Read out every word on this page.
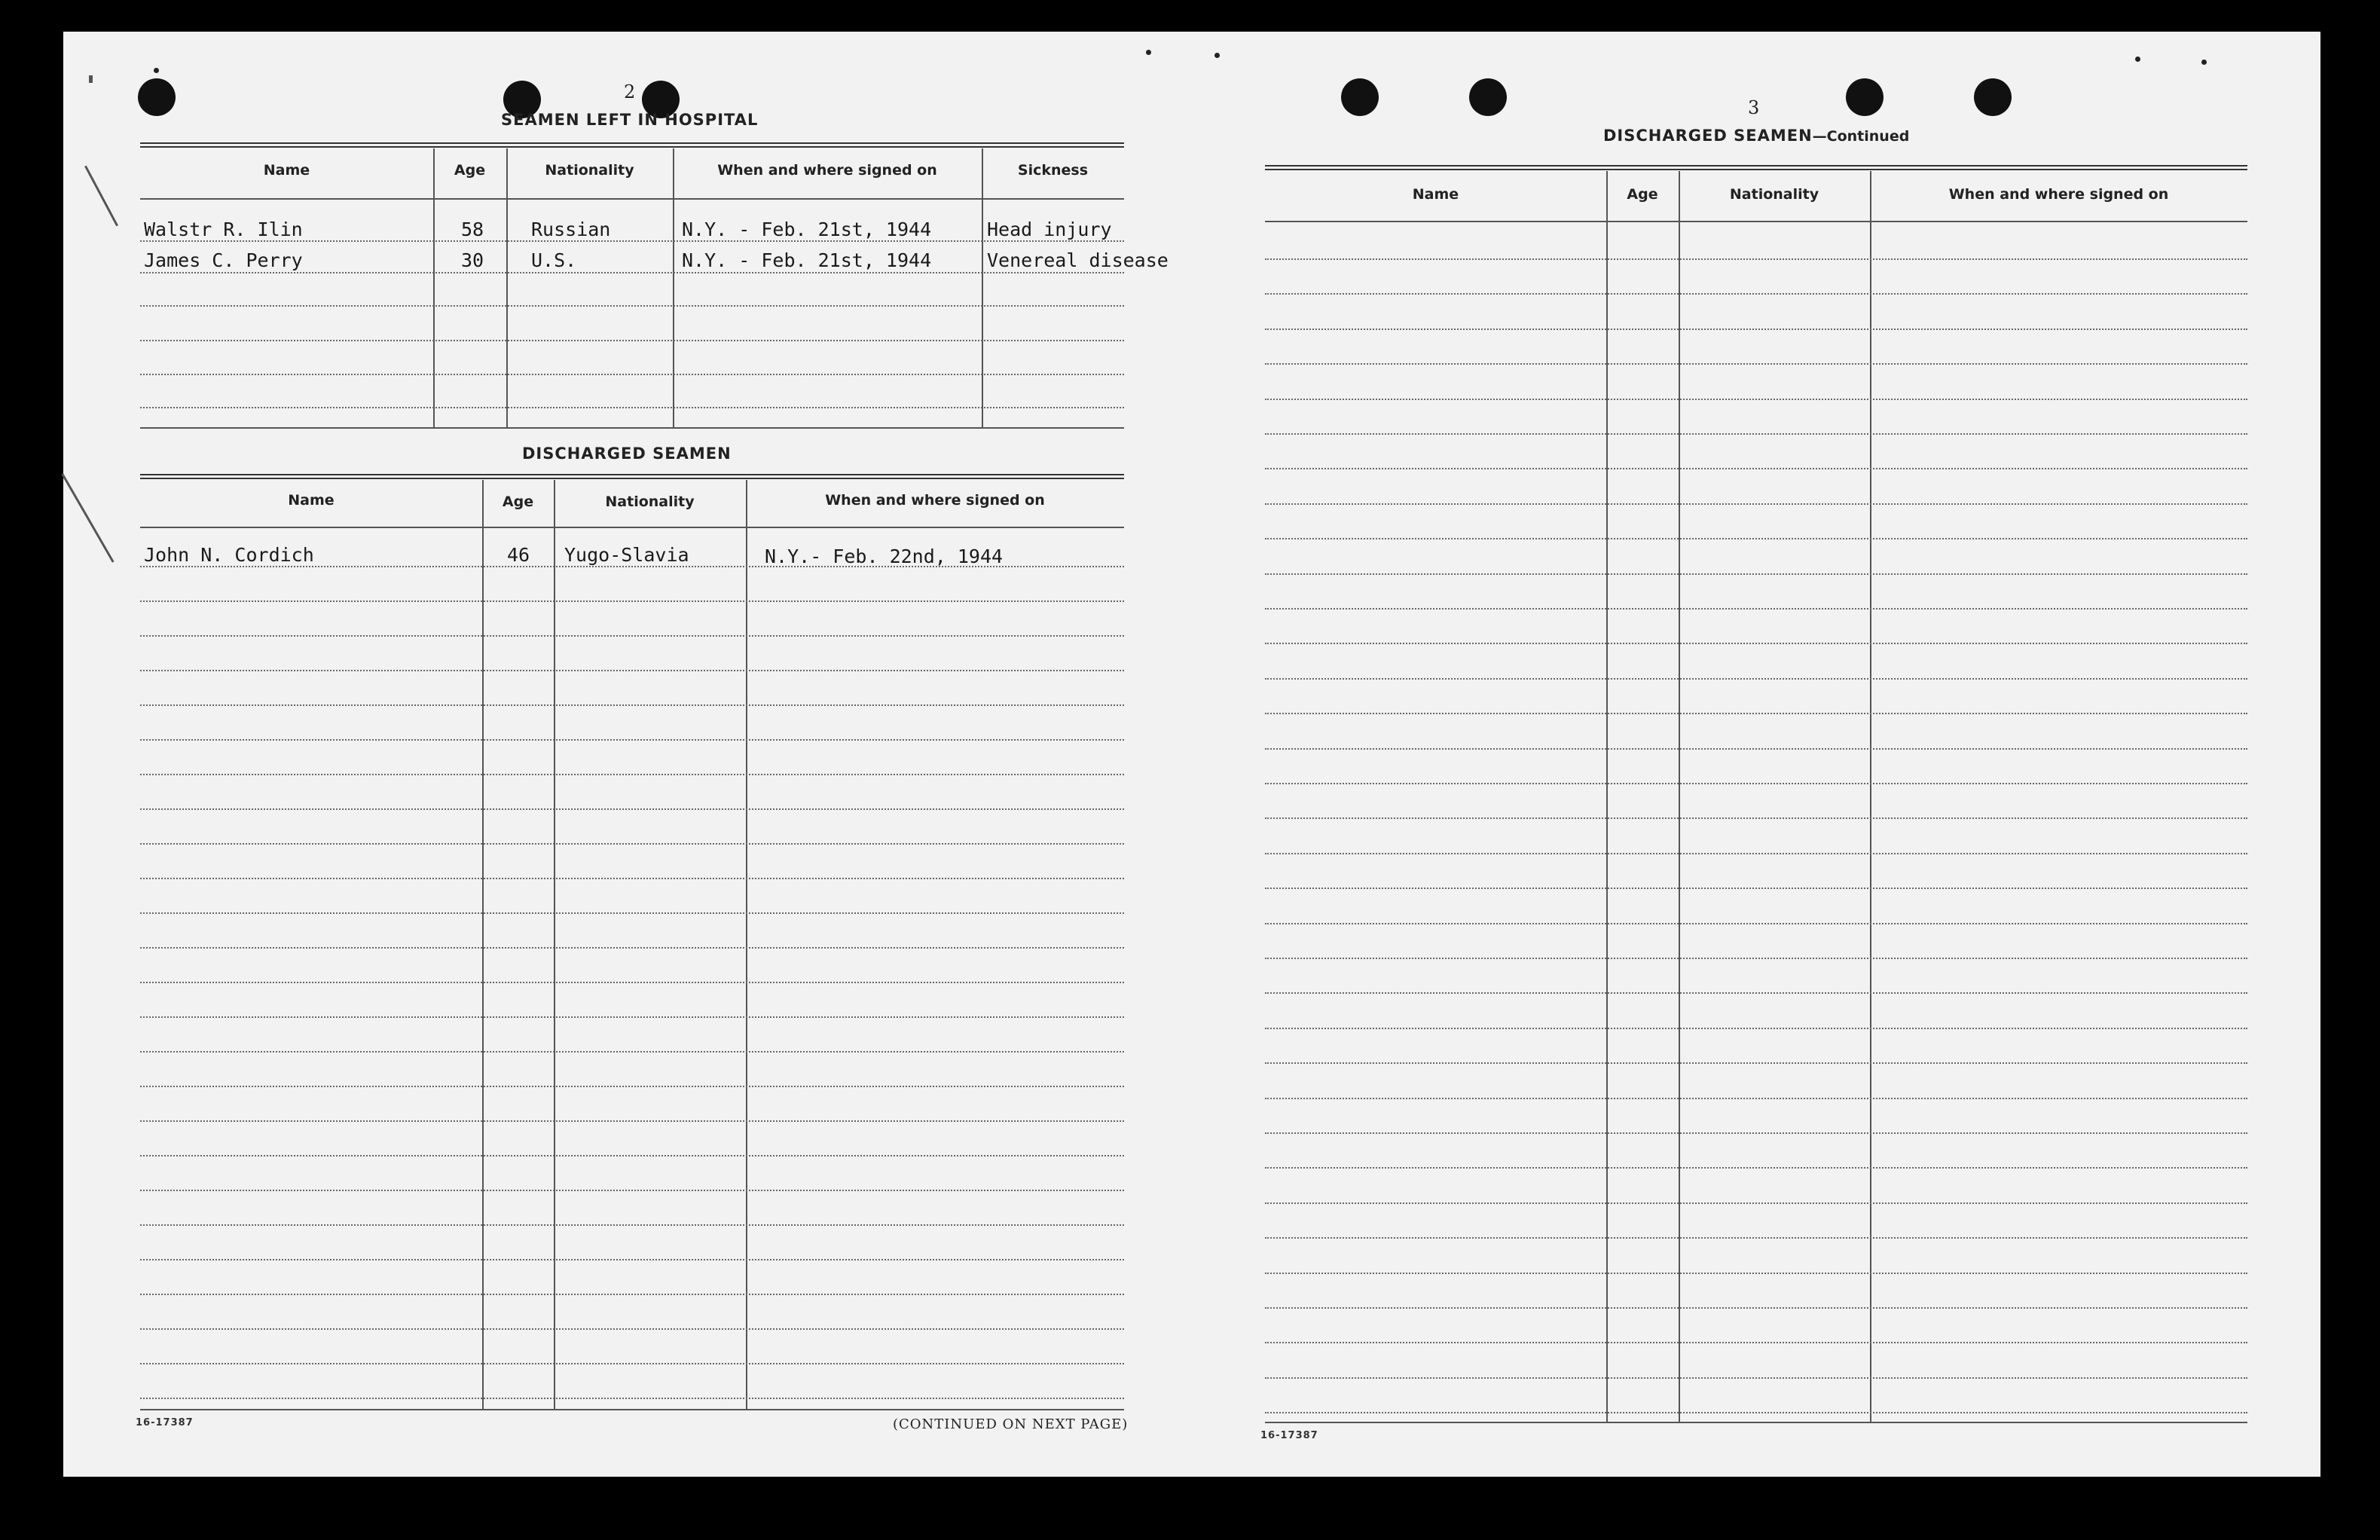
2
SEAMEN LEFT IN HOSPITAL
Name	Age	Nationality	When and where signed on	Sickness
Walstr R. Ilin	58	Russian	N.Y. - Feb. 21st, 1944	Head injury
James C. Perry	30	U.S.	N.Y. - Feb. 21st, 1944	Venereal disease
DISCHARGED SEAMEN
Name	Age	Nationality	When and where signed on
John N. Cordich	46 Yugo-Slavia	N.Y.- Feb. 22nd, 1944
16-17387	(CONTINUED ON NEXT PAGE)
3
DISCHARGED SEAMEN—Continued
Name	Age	Nationality	When and where signed on
16-17387
